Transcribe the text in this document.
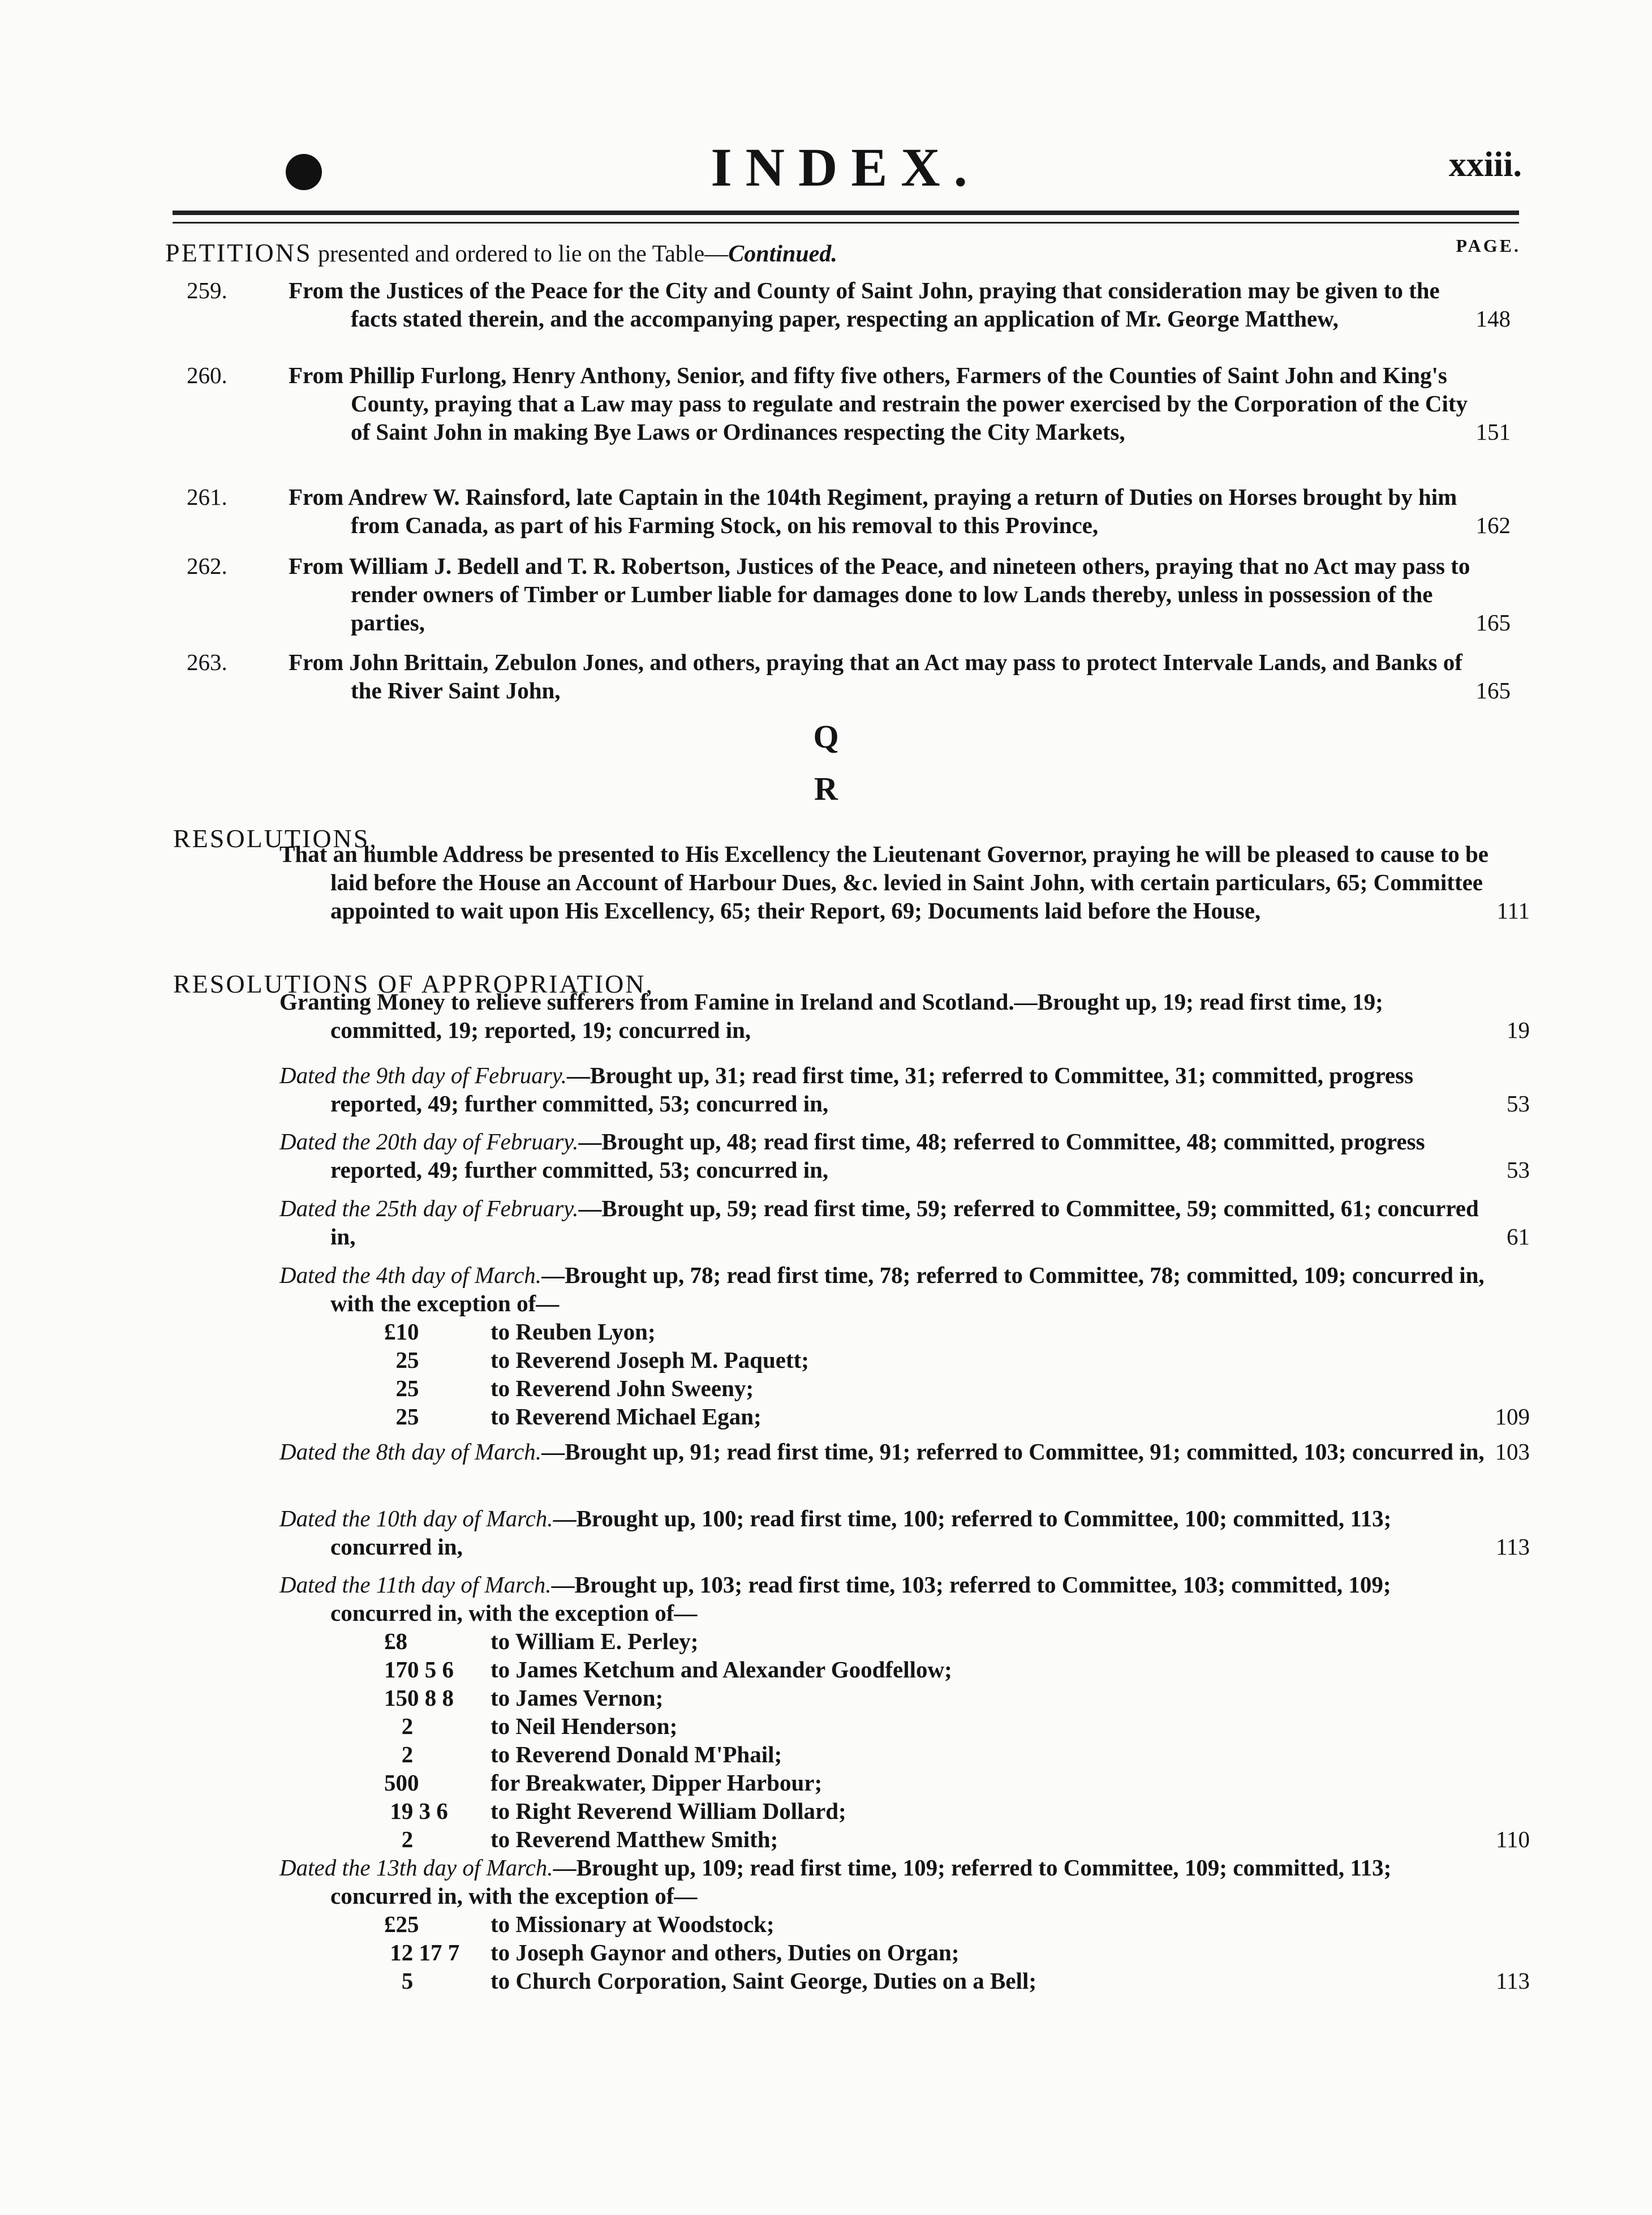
INDEX.	xxiii.
PETITIONS presented and ordered to lie on the Table—Continued.	PAGE.
259.	From the Justices of the Peace for the City and County of Saint John, praying that consideration may be given to the facts stated therein, and the accompanying paper, respecting an application of Mr. George Matthew,	148
260.	From Phillip Furlong, Henry Anthony, Senior, and fifty five others, Farmers of the Counties of Saint John and King's County, praying that a Law may pass to regulate and restrain the power exercised by the Corporation of the City of Saint John in making Bye Laws or Ordinances respecting the City Markets,	151
261.	From Andrew W. Rainsford, late Captain in the 104th Regiment, praying a return of Duties on Horses brought by him from Canada, as part of his Farming Stock, on his removal to this Province,	162
262.	From William J. Bedell and T. R. Robertson, Justices of the Peace, and nineteen others, praying that no Act may pass to render owners of Timber or Lumber liable for damages done to low Lands thereby, unless in possession of the parties,	165
263.	From John Brittain, Zebulon Jones, and others, praying that an Act may pass to protect Intervale Lands, and Banks of the River Saint John,	165
Q
R
RESOLUTIONS,
That an humble Address be presented to His Excellency the Lieutenant Governor, praying he will be pleased to cause to be laid before the House an Account of Harbour Dues, &c. levied in Saint John, with certain particulars, 65; Committee appointed to wait upon His Excellency, 65; their Report, 69; Documents laid before the House,	111
RESOLUTIONS OF APPROPRIATION,
Granting Money to relieve sufferers from Famine in Ireland and Scotland.—Brought up, 19; read first time, 19; committed, 19; reported, 19; concurred in,	19
Dated the 9th day of February.—Brought up, 31; read first time, 31; referred to Committee, 31; committed, progress reported, 49; further committed, 53; concurred in,	53
Dated the 20th day of February.—Brought up, 48; read first time, 48; referred to Committee, 48; committed, progress reported, 49; further committed, 53; concurred in,	53
Dated the 25th day of February.—Brought up, 59; read first time, 59; referred to Committee, 59; committed, 61; concurred in,	61
Dated the 4th day of March.—Brought up, 78; read first time, 78; referred to Committee, 78; committed, 109; concurred in, with the exception of—
£10	to Reuben Lyon;
25	to Reverend Joseph M. Paquett;
25	to Reverend John Sweeny;
25	to Reverend Michael Egan;	109
Dated the 8th day of March.—Brought up, 91; read first time, 91; referred to Committee, 91; committed, 103; concurred in, 103
Dated the 10th day of March.—Brought up, 100; read first time, 100; referred to Committee, 100; committed, 113; concurred in,	113
Dated the 11th day of March.—Brought up, 103; read first time, 103; referred to Committee, 103; committed, 109; concurred in, with the exception of—
£8	to William E. Perley;
170 5 6	to James Ketchum and Alexander Goodfellow;
150 8 8	to James Vernon;
2	to Neil Henderson;
2	to Reverend Donald M'Phail;
500	for Breakwater, Dipper Harbour;
19 3 6	to Right Reverend William Dollard;
2	to Reverend Matthew Smith;	110
Dated the 13th day of March.—Brought up, 109; read first time, 109; referred to Committee, 109; committed, 113; concurred in, with the exception of—
£25	to Missionary at Woodstock;
12 17 7	to Joseph Gaynor and others, Duties on Organ;
5	to Church Corporation, Saint George, Duties on a Bell;	113
